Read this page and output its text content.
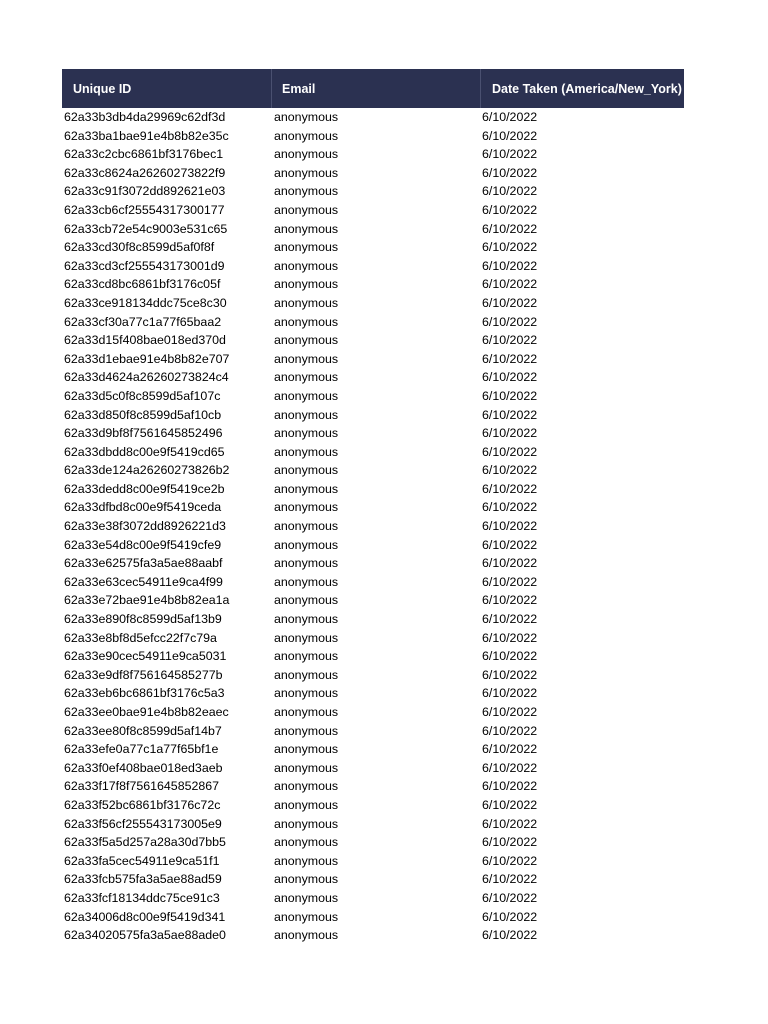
Unique ID	Email	Date Taken (America/New_York)
62a33b3db4da29969c62df3d	anonymous	6/10/2022
62a33ba1bae91e4b8b82e35c	anonymous	6/10/2022
62a33c2cbc6861bf3176bec1	anonymous	6/10/2022
62a33c8624a26260273822f9	anonymous	6/10/2022
62a33c91f3072dd892621e03	anonymous	6/10/2022
62a33cb6cf25554317300177	anonymous	6/10/2022
62a33cb72e54c9003e531c65	anonymous	6/10/2022
62a33cd30f8c8599d5af0f8f	anonymous	6/10/2022
62a33cd3cf255543173001d9	anonymous	6/10/2022
62a33cd8bc6861bf3176c05f	anonymous	6/10/2022
62a33ce918134ddc75ce8c30	anonymous	6/10/2022
62a33cf30a77c1a77f65baa2	anonymous	6/10/2022
62a33d15f408bae018ed370d	anonymous	6/10/2022
62a33d1ebae91e4b8b82e707	anonymous	6/10/2022
62a33d4624a26260273824c4	anonymous	6/10/2022
62a33d5c0f8c8599d5af107c	anonymous	6/10/2022
62a33d850f8c8599d5af10cb	anonymous	6/10/2022
62a33d9bf8f7561645852496	anonymous	6/10/2022
62a33dbdd8c00e9f5419cd65	anonymous	6/10/2022
62a33de124a26260273826b2	anonymous	6/10/2022
62a33dedd8c00e9f5419ce2b	anonymous	6/10/2022
62a33dfbd8c00e9f5419ceda	anonymous	6/10/2022
62a33e38f3072dd8926221d3	anonymous	6/10/2022
62a33e54d8c00e9f5419cfe9	anonymous	6/10/2022
62a33e62575fa3a5ae88aabf	anonymous	6/10/2022
62a33e63cec54911e9ca4f99	anonymous	6/10/2022
62a33e72bae91e4b8b82ea1a	anonymous	6/10/2022
62a33e890f8c8599d5af13b9	anonymous	6/10/2022
62a33e8bf8d5efcc22f7c79a	anonymous	6/10/2022
62a33e90cec54911e9ca5031	anonymous	6/10/2022
62a33e9df8f756164585277b	anonymous	6/10/2022
62a33eb6bc6861bf3176c5a3	anonymous	6/10/2022
62a33ee0bae91e4b8b82eaec	anonymous	6/10/2022
62a33ee80f8c8599d5af14b7	anonymous	6/10/2022
62a33efe0a77c1a77f65bf1e	anonymous	6/10/2022
62a33f0ef408bae018ed3aeb	anonymous	6/10/2022
62a33f17f8f7561645852867	anonymous	6/10/2022
62a33f52bc6861bf3176c72c	anonymous	6/10/2022
62a33f56cf255543173005e9	anonymous	6/10/2022
62a33f5a5d257a28a30d7bb5	anonymous	6/10/2022
62a33fa5cec54911e9ca51f1	anonymous	6/10/2022
62a33fcb575fa3a5ae88ad59	anonymous	6/10/2022
62a33fcf18134ddc75ce91c3	anonymous	6/10/2022
62a34006d8c00e9f5419d341	anonymous	6/10/2022
62a34020575fa3a5ae88ade0	anonymous	6/10/2022
